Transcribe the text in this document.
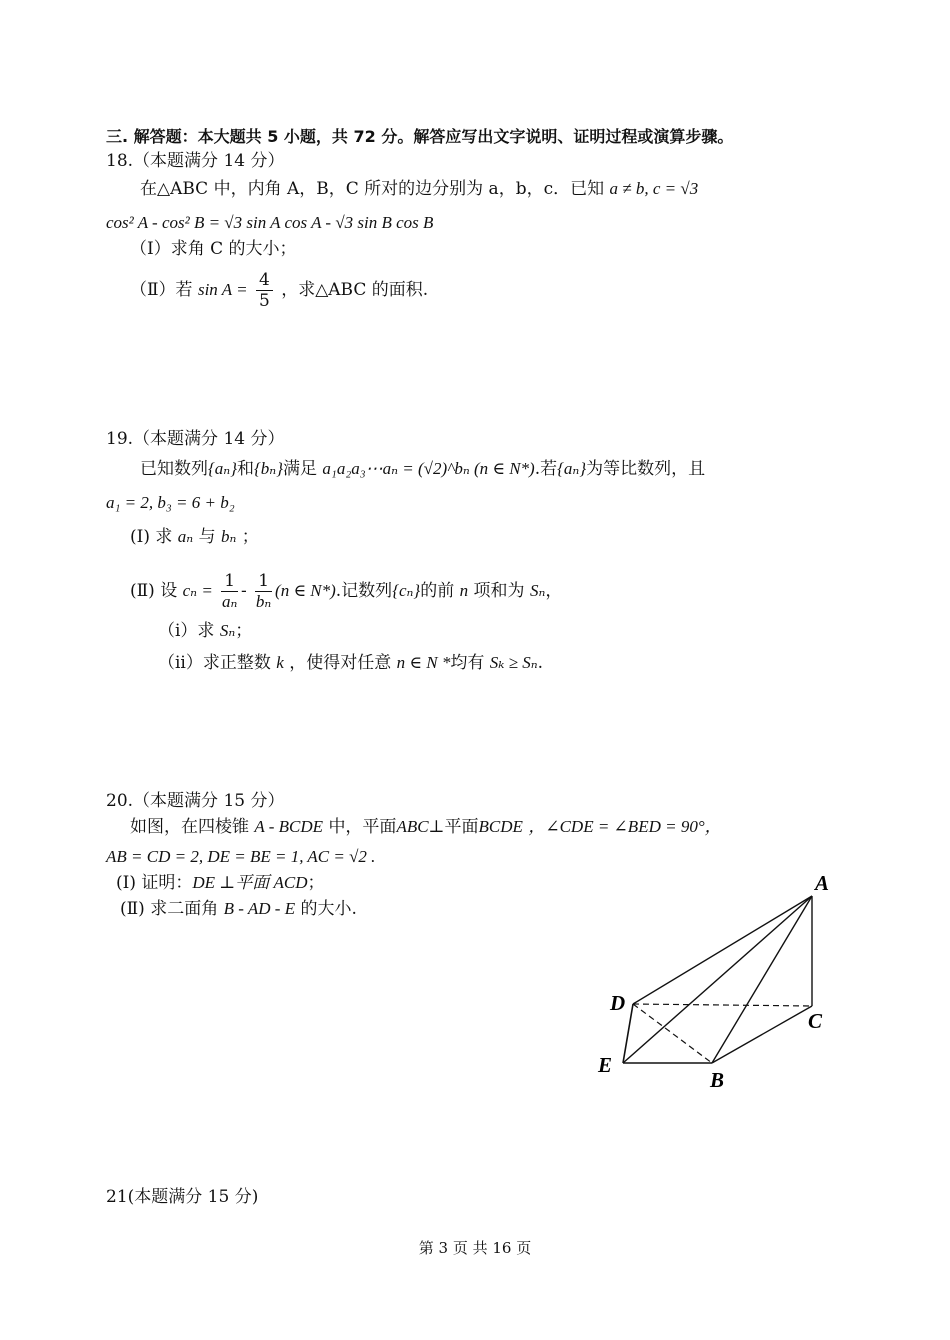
三. 解答题：本大题共 5 小题，共 72 分。解答应写出文字说明、证明过程或演算步骤。
18.（本题满分 14 分）
在△ABC 中，内角 A，B，C 所对的边分别为 a，b，c．已知 a ≠ b, c = √3
cos² A - cos² B = √3 sin A cos A - √3 sin B cos B
（Ⅰ）求角 C 的大小；
（Ⅱ）若 $\sin A = \frac{4}{5}$ ，求△ABC 的面积.
19.（本题满分 14 分）
已知数列{aₙ}和{bₙ}满足 a₁a₂a₃⋯aₙ = (√2)^bₙ (n ∈ N*).若{aₙ}为等比数列，且
a₁ = 2, b₃ = 6 + b₂
(I) 求 aₙ 与 bₙ ；
(Ⅱ) 设 $c_n = \frac{1}{\text{aₙ}} - \frac{1}{\text{bₙ}} (n$ ∈ N*).记数列{cₙ}的前 n 项和为 Sₙ，
（i）求 Sₙ；
（ii）求正整数 k ，使得对任意 n ∈ N *均有 Sₖ ≥ Sₙ.
20.（本题满分 15 分）
如图，在四棱锥 A - BCDE 中，平面ABC⊥平面BCDE ，∠CDE = ∠BED = 90°，
AB = CD = 2, DE = BE = 1, AC = √2 .
(I) 证明：DE ⊥平面 ACD；
(Ⅱ) 求二面角 B - AD - E 的大小.
A
C
D
E
B
21(本题满分 15 分)
第 3 页 共 16 页
